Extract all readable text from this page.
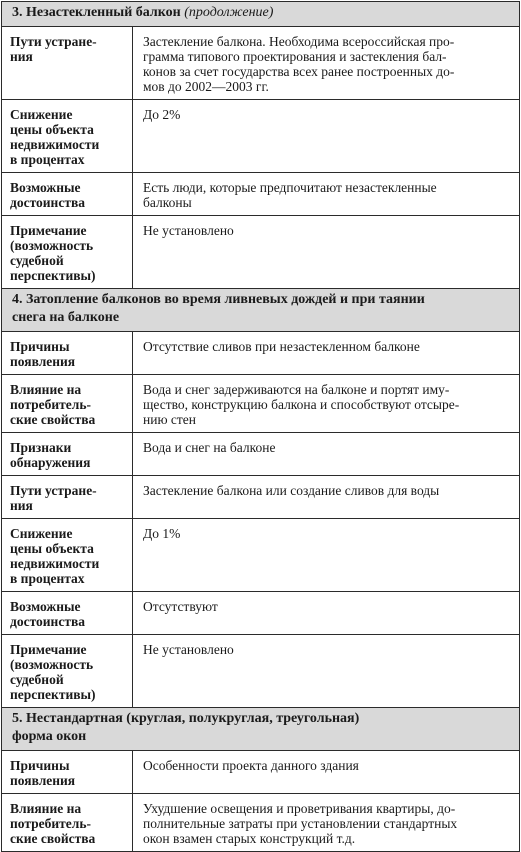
3. Незастекленный балкон (продолжение)	
Пути устране-
ния	Застекление балкона. Необходима всероссийская про-
грамма типового проектирования и застекления бал-
конов за счет государства всех ранее построенных до-
мов до 2002—2003 гг.
Снижение
цены объекта
недвижимости
в процентах	До 2%
Возможные
достоинства	Есть люди, которые предпочитают незастекленные
балконы
Примечание
(возможность
судебной
перспективы)	Не установлено
4. Затопление балконов во время ливневых дождей и при таянии
снега на балконе	
Причины
появления	Отсутствие сливов при незастекленном балконе
Влияние на
потребитель-
ские свойства	Вода и снег задерживаются на балконе и портят иму-
щество, конструкцию балкона и способствуют отсыре-
нию стен
Признаки
обнаружения	Вода и снег на балконе
Пути устране-
ния	Застекление балкона или создание сливов для воды
Снижение
цены объекта
недвижимости
в процентах	До 1%
Возможные
достоинства	Отсутствуют
Примечание
(возможность
судебной
перспективы)	Не установлено
5. Нестандартная (круглая, полукруглая, треугольная)
форма окон	
Причины
появления	Особенности проекта данного здания
Влияние на
потребитель-
ские свойства	Ухудшение освещения и проветривания квартиры, до-
полнительные затраты при установлении стандартных
окон взамен старых конструкций т.д.
